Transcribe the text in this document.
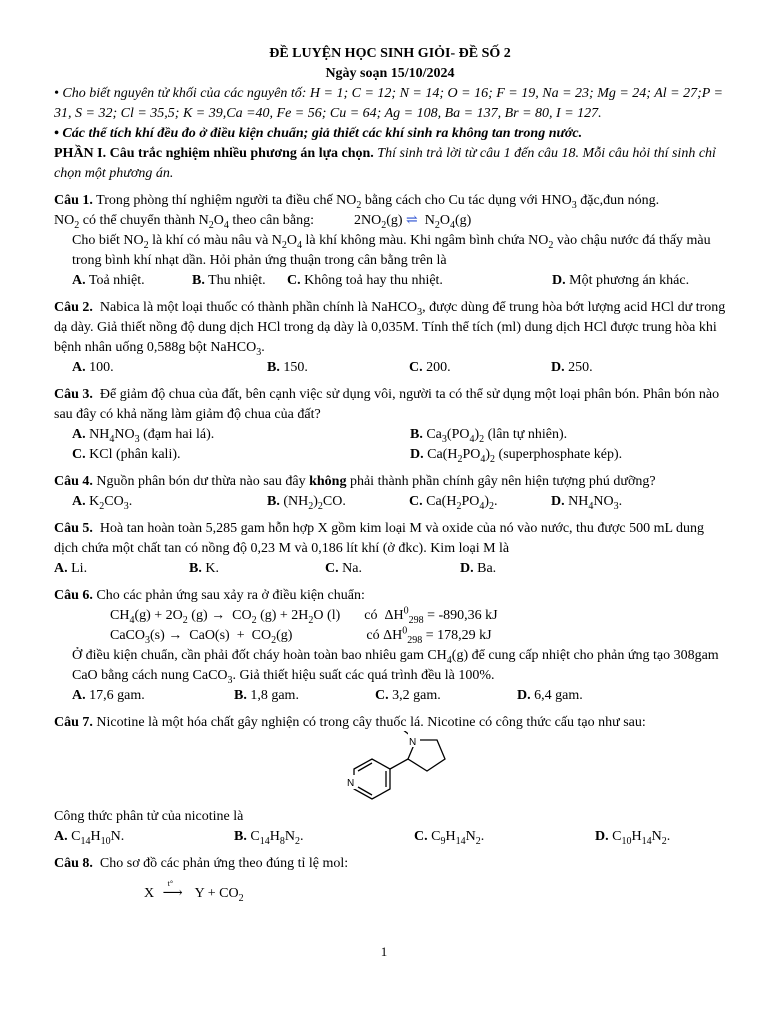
ĐỀ LUYỆN HỌC SINH GIỎI- ĐỀ SỐ 2

Ngày soạn 15/10/2024

• Cho biết nguyên tử khối của các nguyên tố: H = 1; C = 12; N = 14; O = 16; F = 19, Na = 23; Mg = 24; Al = 27;P = 31, S = 32; Cl = 35,5; K = 39,Ca =40, Fe = 56; Cu = 64; Ag = 108, Ba = 137, Br = 80, I = 127.

• Các thể tích khí đều đo ở điều kiện chuẩn; giả thiết các khí sinh ra không tan trong nước.

PHẦN I. Câu trắc nghiệm nhiều phương án lựa chọn. Thí sinh trả lời từ câu 1 đến câu 18. Mỗi câu hỏi thí sinh chỉ chọn một phương án.

Câu 1. Trong phòng thí nghiệm người ta điều chế $NO_2$ bằng cách cho Cu tác dụng với $HNO_3$ đặc,đun nóng.

$NO_2$ có thể chuyển thành $N_2O_4$ theo cân bằng:	$2NO_2(g)$ ⇌  $N_2O_4(g)$

Cho biết $NO_2$ là khí có màu nâu và $N_2O_4$ là khí không màu. Khi ngâm bình chứa $NO_2$ vào chậu nước đá thấy màu trong bình khí nhạt dần. Hỏi phản ứng thuận trong cân bằng trên là

A. Toả nhiệt.	B. Thu nhiệt.	C. Không toả hay thu nhiệt.	D. Một phương án khác.

Câu 2.  Nabica là một loại thuốc có thành phần chính là NaHCO$_3$, được dùng để trung hòa bớt lượng acid HCl dư trong dạ dày. Giả thiết nồng độ dung dịch HCl trong dạ dày là 0,035M. Tính thể tích (ml) dung dịch HCl được trung hòa khi bệnh nhân uống 0,588g bột NaHCO$_3$.

A. 100.	B. 150.	C. 200.	D. 250.

Câu 3. Để giảm độ chua của đất, bên cạnh việc sử dụng vôi, người ta có thể sử dụng một loại phân bón. Phân bón nào sau đây có khả năng làm giảm độ chua của đất?

A. $NH_4NO_3$ (đạm hai lá).	B. $Ca_3(PO_4)_2$ (lân tự nhiên).
C. KCl (phân kali).	D. $Ca(H_2PO_4)_2$ (superphosphate kép).

Câu 4. Nguồn phân bón dư thừa nào sau đây không phải thành phần chính gây nên hiện tượng phú dưỡng?

A. $K_2CO_3$.	B. $(NH_2)_2CO$.	C. $Ca(H_2PO_4)_2$.	D. $NH_4NO_3$.

Câu 5. Hoà tan hoàn toàn 5,285 gam hỗn hợp X gồm kim loại M và oxide của nó vào nước, thu được 500 mL dung dịch chứa một chất tan có nồng độ 0,23 M và 0,186 lít khí (ở đkc). Kim loại M là

A. Li.	B. K.	C. Na.	D. Ba.

Câu 6. Cho các phản ứng sau xảy ra ở điều kiện chuẩn:

$CH_4(g) + 2O_2$ $(g) \to CO_2$ $(g) + 2H_2O$ (l) có  $\Delta H^0_{298} = -890,36$ kJ

CaCO$_3$(s) →  $CaO(s) + CO_2(g)$	có $\Delta H^0_{298} = 178,29$ kJ

Ở điều kiện chuẩn, cần phải đốt cháy hoàn toàn bao nhiêu gam $CH_4(g)$ để cung cấp nhiệt cho phản ứng tạo 308gam CaO bằng cách nung CaCO$_3$. Giả thiết hiệu suất các quá trình đều là 100%.

A. 17,6 gam.	B. 1,8 gam.	C. 3,2 gam.	D. 6,4 gam.

Câu 7. Nicotine là một hóa chất gây nghiện có trong cây thuốc lá. Nicotine có công thức cấu tạo như sau:

N
N

Công thức phân tử của nicotine là

A. $C_{14}H_{10}N$.	B. $C_{14}H_8N_2$.	C. $C_9H_{14}N_2$.	D. $C_{10}H_{14}N_2$.

Câu 8. Cho sơ đồ các phản ứng theo đúng tỉ lệ mol:

X
t°
⟶  $Y + CO_2$

1
